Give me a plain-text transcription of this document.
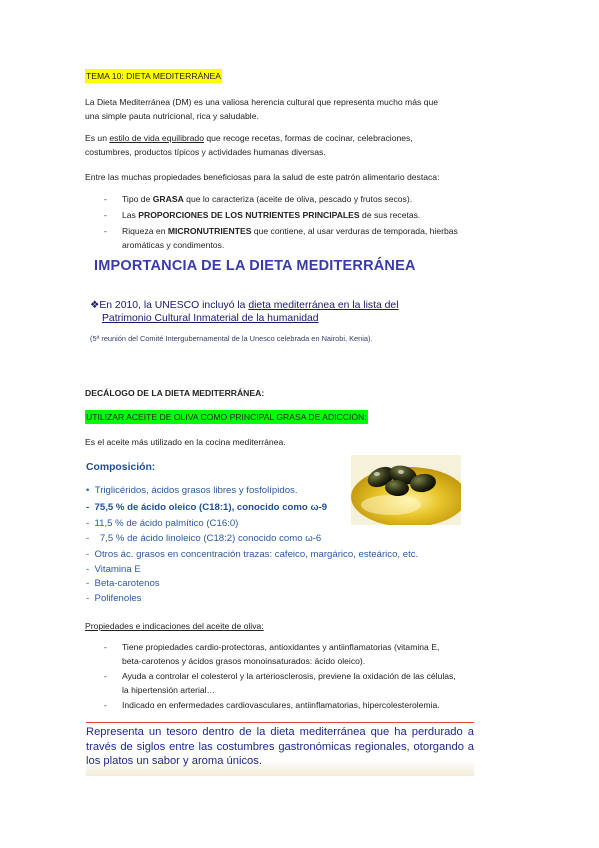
TEMA 10: DIETA MEDITERRÁNEA
La Dieta Mediterránea (DM) es una valiosa herencia cultural que representa mucho más que
una simple pauta nutricional, rica y saludable.
Es un estilo de vida equilibrado que recoge recetas, formas de cocinar, celebraciones,
costumbres, productos típicos y actividades humanas diversas.
Entre las muchas propiedades beneficiosas para la salud de este patrón alimentario destaca:
-	Tipo de GRASA que lo caracteriza (aceite de oliva, pescado y frutos secos).
-	Las PROPORCIONES DE LOS NUTRIENTES PRINCIPALES de sus recetas.
-	Riqueza en MICRONUTRIENTES que contiene, al usar verduras de temporada, hierbas
aromáticas y condimentos.
IMPORTANCIA DE LA DIETA MEDITERRÁNEA
❖En 2010, la UNESCO incluyó la dieta mediterránea en la lista del
Patrimonio Cultural Inmaterial de la humanidad
(5ª reunión del Comité Intergubernamental de la Unesco celebrada en Nairobi, Kenia).
DECÁLOGO DE LA DIETA MEDITERRÁNEA:
UTILIZAR ACEITE DE OLIVA COMO PRINCIPAL GRASA DE ADICCIÓN:
Es el aceite más utilizado en la cocina mediterránea.
Composición:
• Triglicéridos, ácidos grasos libres y fosfolípidos.
- 75,5 % de ácido oleico (C18:1), conocido como ω-9
- 11,5 % de ácido palmítico (C16:0)
-    7,5 % de ácido linoleico (C18:2) conocido como ω-6
- Otros ác. grasos en concentración trazas: cafeico, margárico, esteárico, etc.
- Vitamina E
- Beta-carotenos
- Polifenoles
Propiedades e indicaciones del aceite de oliva:
-	Tiene propiedades cardio-protectoras, antioxidantes y antiinflamatorias (vitamina E,
beta-carotenos y ácidos grasos monoinsaturados: ácido oleico).
-	Ayuda a controlar el colesterol y la arteriosclerosis, previene la oxidación de las células,
la hipertensión arterial…
-	Indicado en enfermedades cardiovasculares, antiinflamatorias, hipercolesterolemia.
Representa un tesoro dentro de la dieta mediterránea que ha perdurado a través de siglos entre las costumbres gastronómicas regionales, otorgando a los platos un sabor y aroma únicos.
